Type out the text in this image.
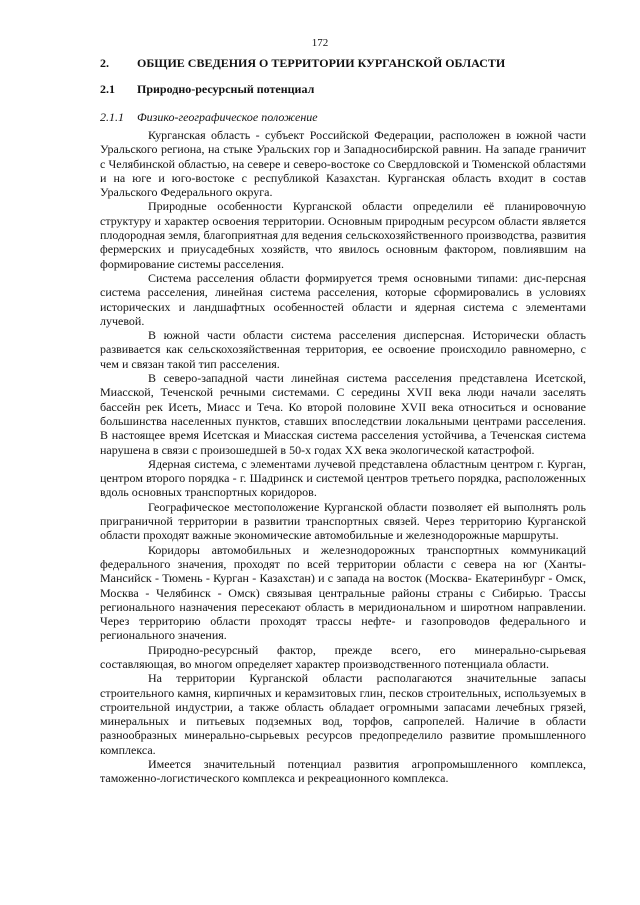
172
2. ОБЩИЕ СВЕДЕНИЯ О ТЕРРИТОРИИ КУРГАНСКОЙ ОБЛАСТИ
2.1 Природно-ресурсный потенциал
2.1.1 Физико-географическое положение

Курганская область - субъект Российской Федерации, расположен в южной части Уральского региона, на стыке Уральских гор и Западносибирской равнин. На западе граничит с Челябинской областью, на севере и северо-востоке со Свердловской и Тюменской областями и на юге и юго-востоке с республикой Казахстан. Курганская область входит в состав Уральского Федерального округа.

Природные особенности Курганской области определили её планировочную структуру и характер освоения территории. Основным природным ресурсом области является плодородная земля, благоприятная для ведения сельскохозяйственного производства, развития фермерских и приусадебных хозяйств, что явилось основным фактором, повлиявшим на формирование системы расселения.

Система расселения области формируется тремя основными типами: дис-персная система расселения, линейная система расселения, которые сформировались в условиях исторических и ландшафтных особенностей области и ядерная система с элементами лучевой.

В южной части области система расселения дисперсная. Исторически область развивается как сельскохозяйственная территория, ее освоение происходило равномерно, с чем и связан такой тип расселения.

В северо-западной части линейная система расселения представлена Исетской, Миасской, Теченской речными системами. С середины XVII века люди начали заселять бассейн рек Исеть, Миасс и Теча. Ко второй половине XVII века относиться и основание большинства населенных пунктов, ставших впоследствии локальными центрами расселения. В настоящее время Исетская и Миасская система расселения устойчива, а Теченская система нарушена в связи с произошедшей в 50-х годах XX века экологической катастрофой.

Ядерная система, с элементами лучевой представлена областным центром г. Курган, центром второго порядка - г. Шадринск и системой центров третьего порядка, расположенных вдоль основных транспортных коридоров.

Географическое местоположение Курганской области позволяет ей выполнять роль приграничной территории в развитии транспортных связей. Через территорию Курганской области проходят важные экономические автомобильные и железнодорожные маршруты.

Коридоры автомобильных и железнодорожных транспортных коммуникаций федерального значения, проходят по всей территории области с севера на юг (Ханты-Мансийск - Тюмень - Курган - Казахстан) и с запада на восток (Москва- Екатеринбург - Омск, Москва - Челябинск - Омск) связывая центральные районы страны с Сибирью. Трассы регионального назначения пересекают область в меридиональном и широтном направлении. Через территорию области проходят трассы нефте- и газопроводов федерального и регионального значения.

Природно-ресурсный фактор, прежде всего, его минерально-сырьевая составляющая, во многом определяет характер производственного потенциала области.

На территории Курганской области располагаются значительные запасы строительного камня, кирпичных и керамзитовых глин, песков строительных, используемых в строительной индустрии, а также область обладает огромными запасами лечебных грязей, минеральных и питьевых подземных вод, торфов, сапропелей. Наличие в области разнообразных минерально-сырьевых ресурсов предопределило развитие промышленного комплекса.

Имеется значительный потенциал развития агропромышленного комплекса, таможенно-логистического комплекса и рекреационного комплекса.
